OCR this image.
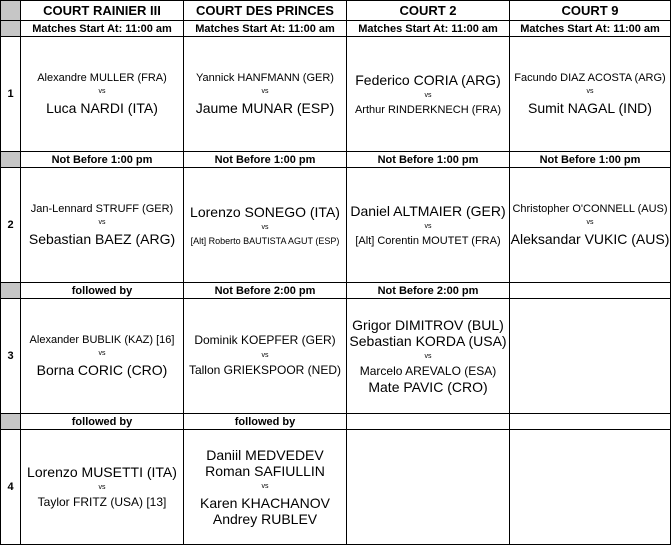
	COURT RAINIER III	COURT DES PRINCES	COURT 2	COURT 9
	Matches Start At: 11:00 am	Matches Start At: 11:00 am	Matches Start At: 11:00 am	Matches Start At: 11:00 am
1	Alexandre MULLER (FRA)
vs
Luca NARDI (ITA)	Yannick HANFMANN (GER)
vs
Jaume MUNAR (ESP)	Federico CORIA (ARG)
vs
Arthur RINDERKNECH (FRA)	Facundo DIAZ ACOSTA (ARG)
vs
Sumit NAGAL (IND)

	Not Before 1:00 pm	Not Before 1:00 pm	Not Before 1:00 pm	Not Before 1:00 pm
2	Jan-Lennard STRUFF (GER)
vs
Sebastian BAEZ (ARG)	Lorenzo SONEGO (ITA)
vs
[Alt] Roberto BAUTISTA AGUT (ESP)	Daniel ALTMAIER (GER)
vs
[Alt] Corentin MOUTET (FRA)	Christopher O'CONNELL (AUS)
vs
Aleksandar VUKIC (AUS)

	followed by	Not Before 2:00 pm	Not Before 2:00 pm	
3	Alexander BUBLIK (KAZ) [16]
vs
Borna CORIC (CRO)	Dominik KOEPFER (GER)
vs
Tallon GRIEKSPOOR (NED)	Grigor DIMITROV (BUL)
Sebastian KORDA (USA)
vs
Marcelo AREVALO (ESA)
Mate PAVIC (CRO)	

	followed by	followed by		
4	Lorenzo MUSETTI (ITA)
vs
Taylor FRITZ (USA) [13]	Daniil MEDVEDEV
Roman SAFIULLIN
vs
Karen KHACHANOV
Andrey RUBLEV		
